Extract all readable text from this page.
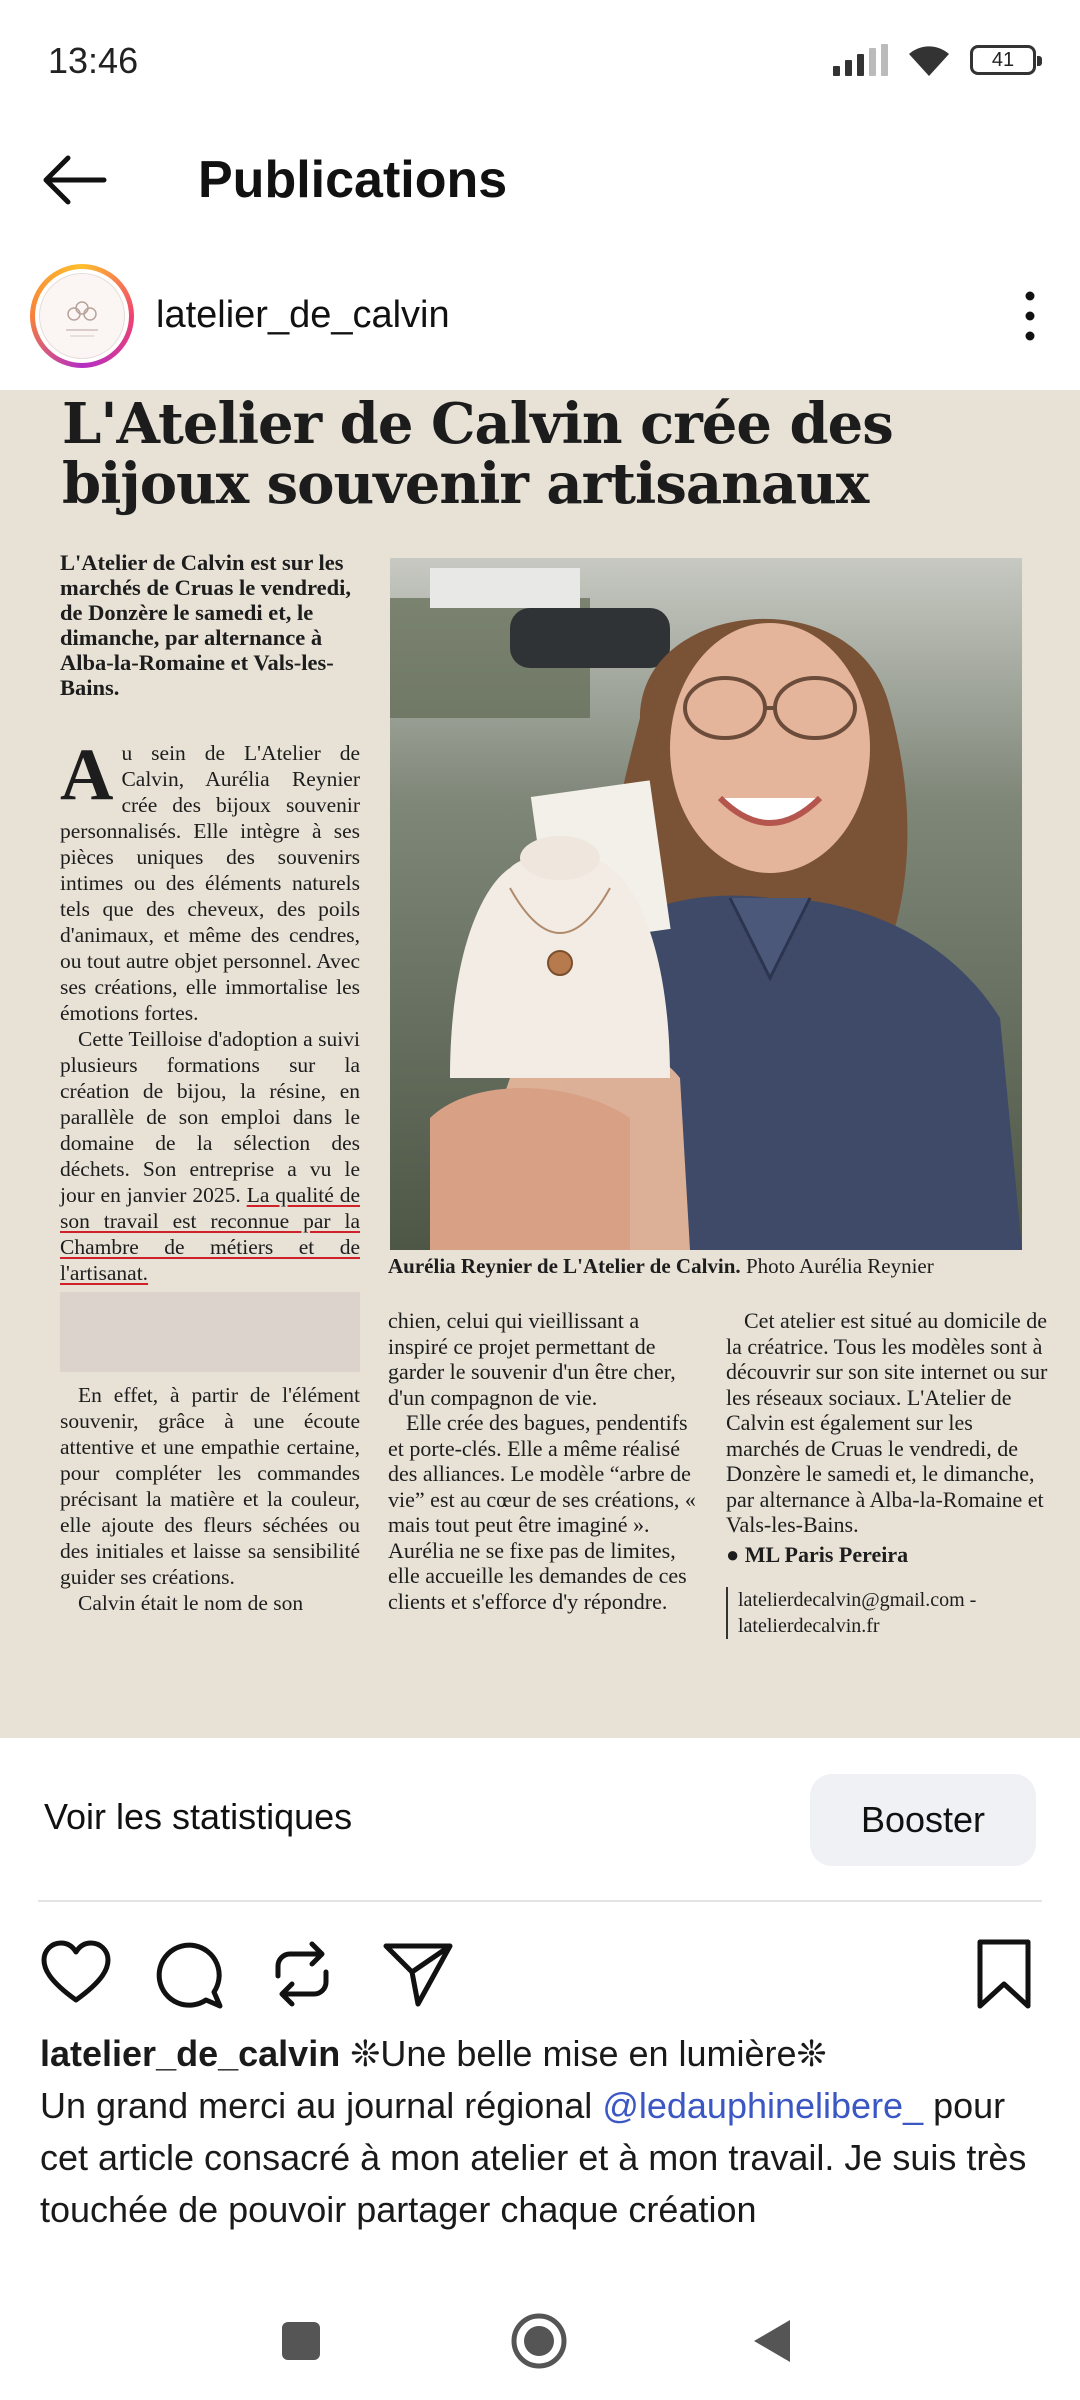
13:46	41
Publications
latelier_de_calvin
L'Atelier de Calvin crée des bijoux souvenir artisanaux
L'Atelier de Calvin est sur les marchés de Cruas le vendredi, de Donzère le samedi et, le dimanche, par alternance à Alba-la-Romaine et Vals-les-Bains.

Au sein de L'Atelier de Calvin, Aurélia Reynier crée des bijoux souvenir personnalisés. Elle intègre à ses pièces uniques des souvenirs intimes ou des éléments naturels tels que des cheveux, des poils d'animaux, et même des cendres, ou tout autre objet personnel. Avec ses créations, elle immortalise les émotions fortes.

Cette Teilloise d'adoption a suivi plusieurs formations sur la création de bijou, la résine, en parallèle de son emploi dans le domaine de la sélection des déchets. Son entreprise a vu le jour en janvier 2025. La qualité de son travail est reconnue par la Chambre de métiers et de l'artisanat.

En effet, à partir de l'élément souvenir, grâce à une écoute attentive et une empathie certaine, pour compléter les commandes précisant la matière et la couleur, elle ajoute des fleurs séchées ou des initiales et laisse sa sensibilité guider ses créations.

Calvin était le nom de son

Aurélia Reynier de L'Atelier de Calvin. Photo Aurélia Reynier

chien, celui qui vieillissant a inspiré ce projet permettant de garder le souvenir d'un être cher, d'un compagnon de vie.

Elle crée des bagues, pendentifs et porte-clés. Elle a même réalisé des alliances. Le modèle “arbre de vie” est au cœur de ses créations, « mais tout peut être imaginé ». Aurélia ne se fixe pas de limites, elle accueille les demandes de ces clients et s'efforce d'y répondre.

Cet atelier est situé au domicile de la créatrice. Tous les modèles sont à découvrir sur son site internet ou sur les réseaux sociaux. L'Atelier de Calvin est également sur les marchés de Cruas le vendredi, de Donzère le samedi et, le dimanche, par alternance à Alba-la-Romaine et Vals-les-Bains.

● ML Paris Pereira
latelierdecalvin@gmail.com - latelierdecalvin.fr
Voir les statistiques	Booster
latelier_de_calvin ❊Une belle mise en lumière❊
Un grand merci au journal régional @ledauphinelibere_ pour cet article consacré à mon atelier et à mon travail. Je suis très touchée de pouvoir partager chaque création
